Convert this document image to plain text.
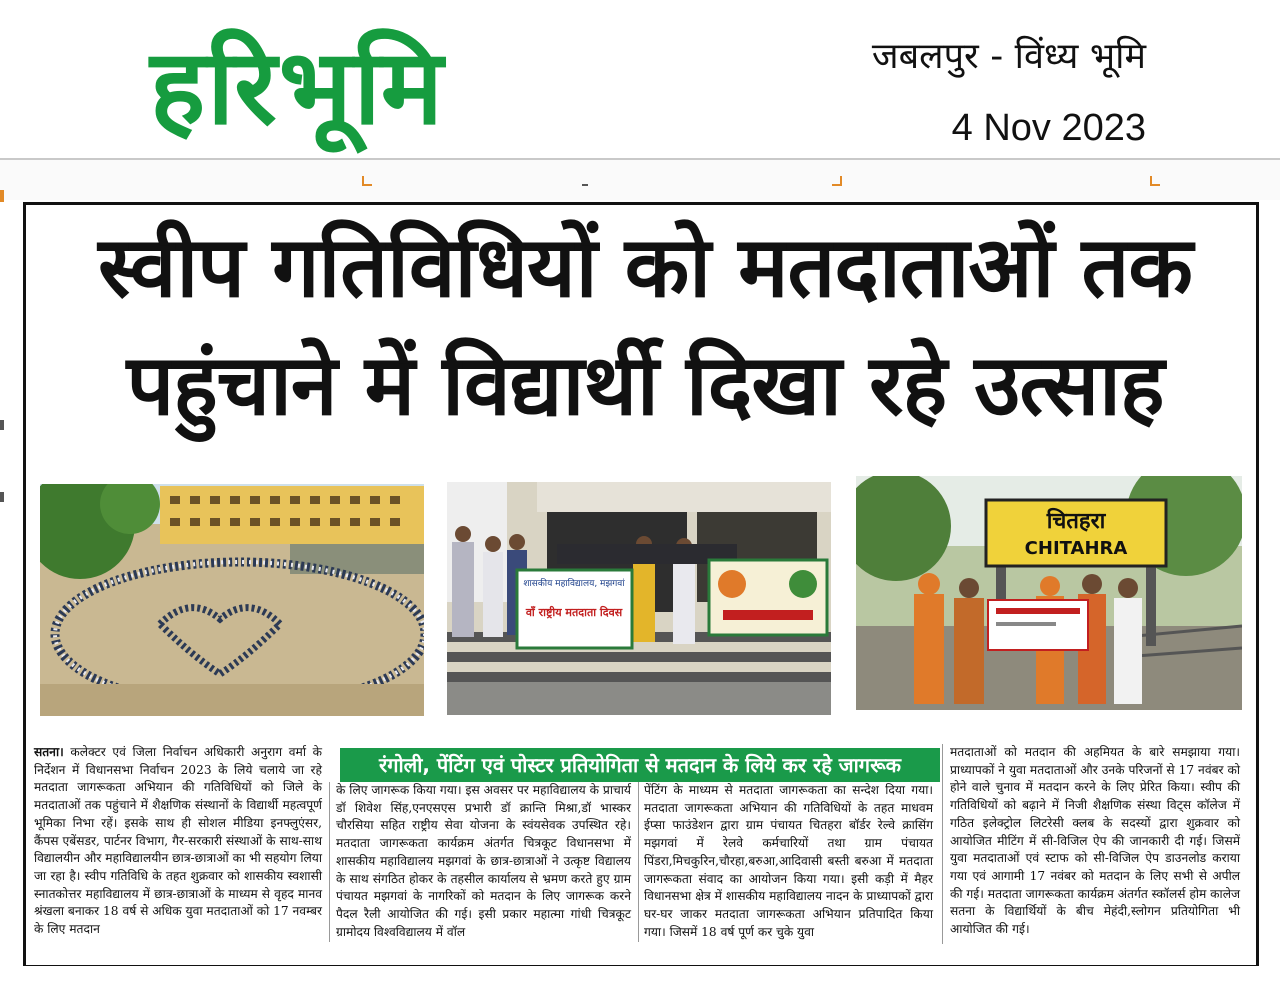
हरिभूमि	जबलपुर - विंध्य भूमि
4 Nov 2023
स्वीप गतिविधियों को मतदाताओं तक
पहुंचाने में विद्यार्थी दिखा रहे उत्साह
शासकीय महाविद्यालय, मझगवां
वाँ राष्ट्रीय मतदाता दिवस
चितहरा
CHITAHRA
रंगोली, पेंटिंग एवं पोस्टर प्रतियोगिता से मतदान के लिये कर रहे जागरूक
सतना। कलेक्टर एवं जिला निर्वाचन अधिकारी अनुराग वर्मा के निर्देशन में विधानसभा निर्वाचन 2023 के लिये चलाये जा रहे मतदाता जागरूकता अभियान की गतिविधियों को जिले के मतदाताओं तक पहुंचाने में शैक्षणिक संस्थानों के विद्यार्थी महत्वपूर्ण भूमिका निभा रहें। इसके साथ ही सोशल मीडिया इनफ्लुएंसर, कैंपस एबेंसडर, पार्टनर विभाग, गैर-सरकारी संस्थाओं के साथ-साथ विद्यालयीन और महाविद्यालयीन छात्र-छात्राओं का भी सहयोग लिया जा रहा है। स्वीप गतिविधि के तहत शुक्रवार को शासकीय स्वशासी स्नातकोत्तर महाविद्यालय में छात्र-छात्राओं के माध्यम से वृहद मानव श्रंखला बनाकर 18 वर्ष से अधिक युवा मतदाताओं को 17 नवम्बर के लिए मतदान
के लिए जागरूक किया गया। इस अवसर पर महाविद्यालय के प्राचार्य डॉ शिवेश सिंह,एनएसएस प्रभारी डॉ क्रान्ति मिश्रा,डॉ भास्कर चौरसिया सहित राष्ट्रीय सेवा योजना के स्वंयसेवक उपस्थित रहे। मतदाता जागरूकता कार्यक्रम अंतर्गत चित्रकूट विधानसभा में शासकीय महाविद्यालय मझगवां के छात्र-छात्राओं ने उत्कृष्ट विद्यालय के साथ संगठित होकर के तहसील कार्यालय से भ्रमण करते हुए ग्राम पंचायत मझगवां के नागरिकों को मतदान के लिए जागरूक करने पैदल रैली आयोजित की गई। इसी प्रकार महात्मा गांधी चित्रकूट ग्रामोदय विश्वविद्यालय में वॉल
पेंटिंग के माध्यम से मतदाता जागरूकता का सन्देश दिया गया। मतदाता जागरूकता अभियान की गतिविधियों के तहत माधवम ईप्सा फाउंडेशन द्वारा ग्राम पंचायत चितहरा बॉर्डर रेल्वे क्रासिंग मझगवां में रेलवे कर्मचारियों तथा ग्राम पंचायत पिंडरा,मिचकुरिन,चौरहा,बरुआ,आदिवासी बस्ती बरुआ में मतदाता जागरूकता संवाद का आयोजन किया गया। इसी कड़ी में मैहर विधानसभा क्षेत्र में शासकीय महाविद्यालय नादन के प्राध्यापकों द्वारा घर-घर जाकर मतदाता जागरूकता अभियान प्रतिपादित किया गया। जिसमें 18 वर्ष पूर्ण कर चुके युवा
मतदाताओं को मतदान की अहमियत के बारे समझाया गया। प्राध्यापकों ने युवा मतदाताओं और उनके परिजनों से 17 नवंबर को होने वाले चुनाव में मतदान करने के लिए प्रेरित किया। स्वीप की गतिविधियों को बढ़ाने में निजी शैक्षणिक संस्था विट्स कॉलेज में गठित इलेक्ट्रोल लिटरेसी क्लब के सदस्यों द्वारा शुक्रवार को आयोजित मीटिंग में सी-विजिल ऐप की जानकारी दी गई। जिसमें युवा मतदाताओं एवं स्टाफ को सी-विजिल ऐप डाउनलोड कराया गया एवं आगामी 17 नवंबर को मतदान के लिए सभी से अपील की गई। मतदाता जागरूकता कार्यक्रम अंतर्गत स्कॉलर्स होम कालेज सतना के विद्यार्थियों के बीच मेहंदी,स्लोगन प्रतियोगिता भी आयोजित की गई।
